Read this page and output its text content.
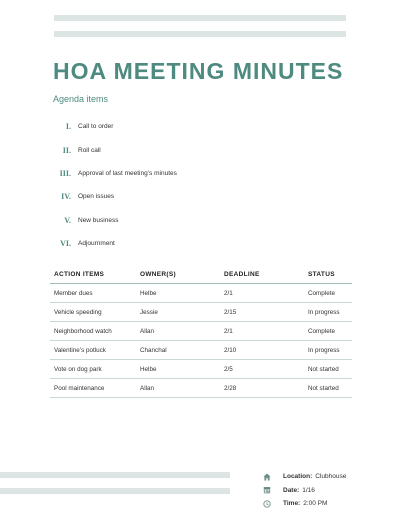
HOA MEETING MINUTES
Agenda items
I. Call to order
II. Roll call
III. Approval of last meeting’s minutes
IV. Open issues
V. New business
VI. Adjournment
ACTION ITEMS	OWNER(S)	DEADLINE	STATUS
Member dues	Helbe	2/1	Complete
Vehicle speeding	Jessie	2/15	In progress
Neighborhood watch	Allan	2/1	Complete
Valentine’s potluck	Chanchal	2/10	In progress
Vote on dog park	Helbe	2/5	Not started
Pool maintenance	Allan	2/28	Not started
Location: Clubhouse
Date: 1/16
Time: 2:00 PM
